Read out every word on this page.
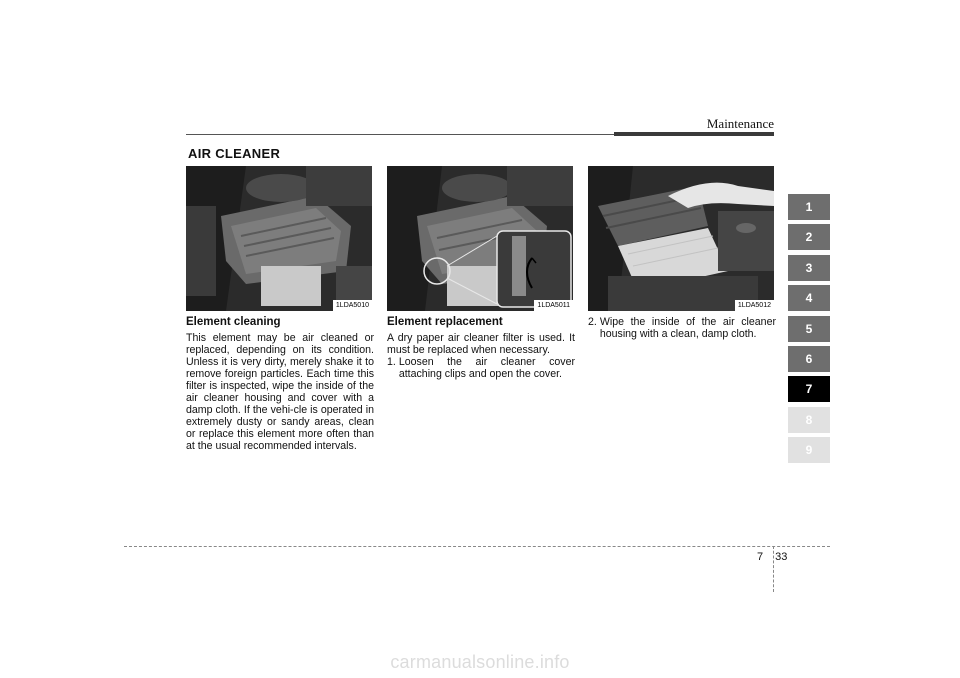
Maintenance
AIR CLEANER
1LDA5010	1LDA5011	1LDA5012
Element cleaning

This element may be air cleaned or replaced, depending on its condition. Unless it is very dirty, merely shake it to remove foreign particles. Each time this filter is inspected, wipe the inside of the air cleaner housing and cover with a damp cloth. If the vehi-cle is operated in extremely dusty or sandy areas, clean or replace this element more often than at the usual recommended intervals.

Element replacement

A dry paper air cleaner filter is used. It must be replaced when necessary.

1. Loosen the air cleaner cover attaching clips and open the cover.
2. Wipe the inside of the air cleaner housing with a clean, damp cloth.
1
2
3
4
5
6
7
8
9
7 33
carmanualsonline.info
